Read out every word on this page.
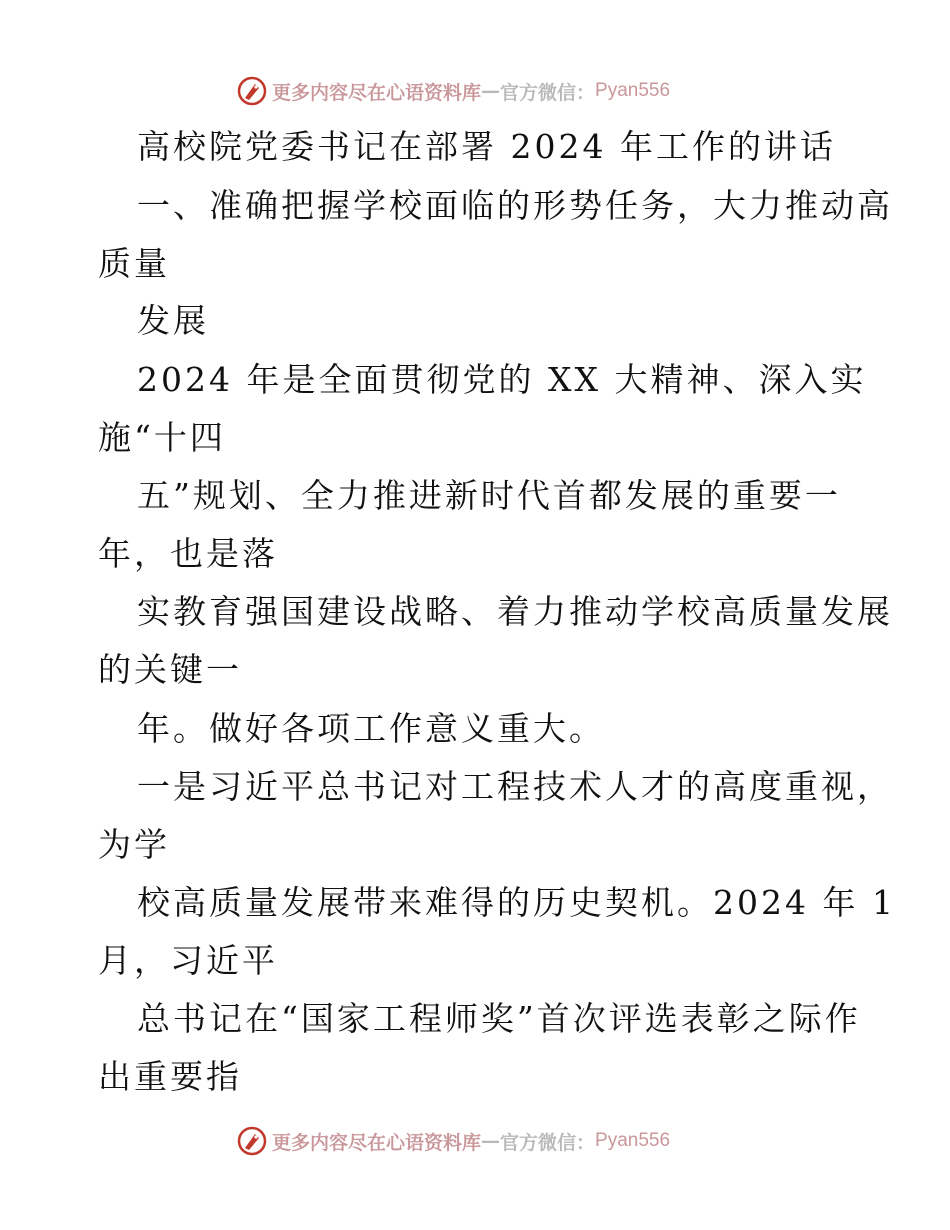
更多内容尽在心语资料库 — 官方微信： Pyan556
高校院党委书记在部署 2024 年工作的讲话
一、准确把握学校面临的形势任务，大力推动高
质量
发展
2024 年是全面贯彻党的 XX 大精神、深入实
施“十四
五”规划、全力推进新时代首都发展的重要一
年，也是落
实教育强国建设战略、着力推动学校高质量发展
的关键一
年。做好各项工作意义重大。
一是习近平总书记对工程技术人才的高度重视，
为学
校高质量发展带来难得的历史契机。2024 年 1
月，习近平
总书记在“国家工程师奖”首次评选表彰之际作
出重要指
更多内容尽在心语资料库 — 官方微信： Pyan556
